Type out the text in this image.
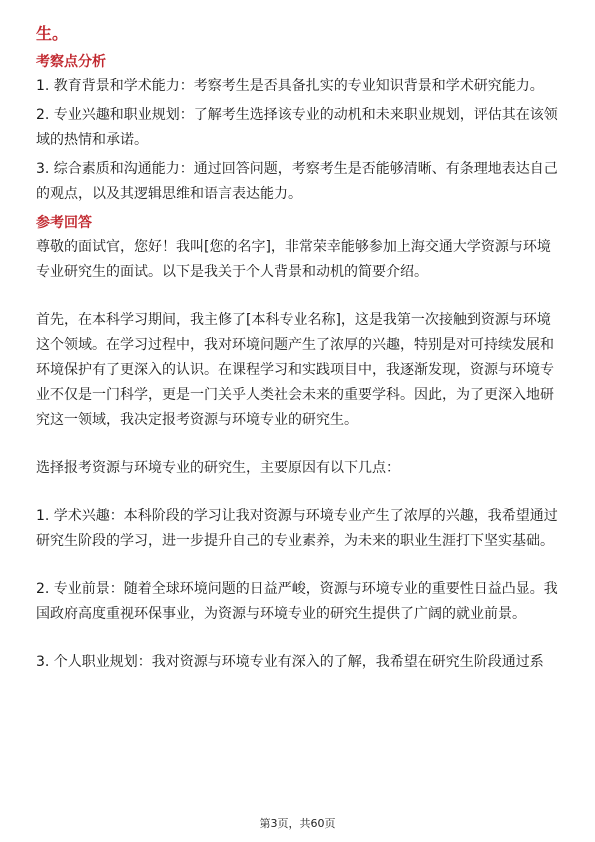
生。
考察点分析
1. 教育背景和学术能力：考察考生是否具备扎实的专业知识背景和学术研究能力。
2. 专业兴趣和职业规划：了解考生选择该专业的动机和未来职业规划，评估其在该领域的热情和承诺。
3. 综合素质和沟通能力：通过回答问题，考察考生是否能够清晰、有条理地表达自己的观点，以及其逻辑思维和语言表达能力。
参考回答
尊敬的面试官，您好！我叫[您的名字]，非常荣幸能够参加上海交通大学资源与环境专业研究生的面试。以下是我关于个人背景和动机的简要介绍。
首先，在本科学习期间，我主修了[本科专业名称]，这是我第一次接触到资源与环境这个领域。在学习过程中，我对环境问题产生了浓厚的兴趣，特别是对可持续发展和环境保护有了更深入的认识。在课程学习和实践项目中，我逐渐发现，资源与环境专业不仅是一门科学，更是一门关乎人类社会未来的重要学科。因此，为了更深入地研究这一领域，我决定报考资源与环境专业的研究生。
选择报考资源与环境专业的研究生，主要原因有以下几点：
1. 学术兴趣：本科阶段的学习让我对资源与环境专业产生了浓厚的兴趣，我希望通过研究生阶段的学习，进一步提升自己的专业素养，为未来的职业生涯打下坚实基础。
2. 专业前景：随着全球环境问题的日益严峻，资源与环境专业的重要性日益凸显。我国政府高度重视环保事业，为资源与环境专业的研究生提供了广阔的就业前景。
3. 个人职业规划：我对资源与环境专业有深入的了解，我希望在研究生阶段通过系
第3页，共60页
